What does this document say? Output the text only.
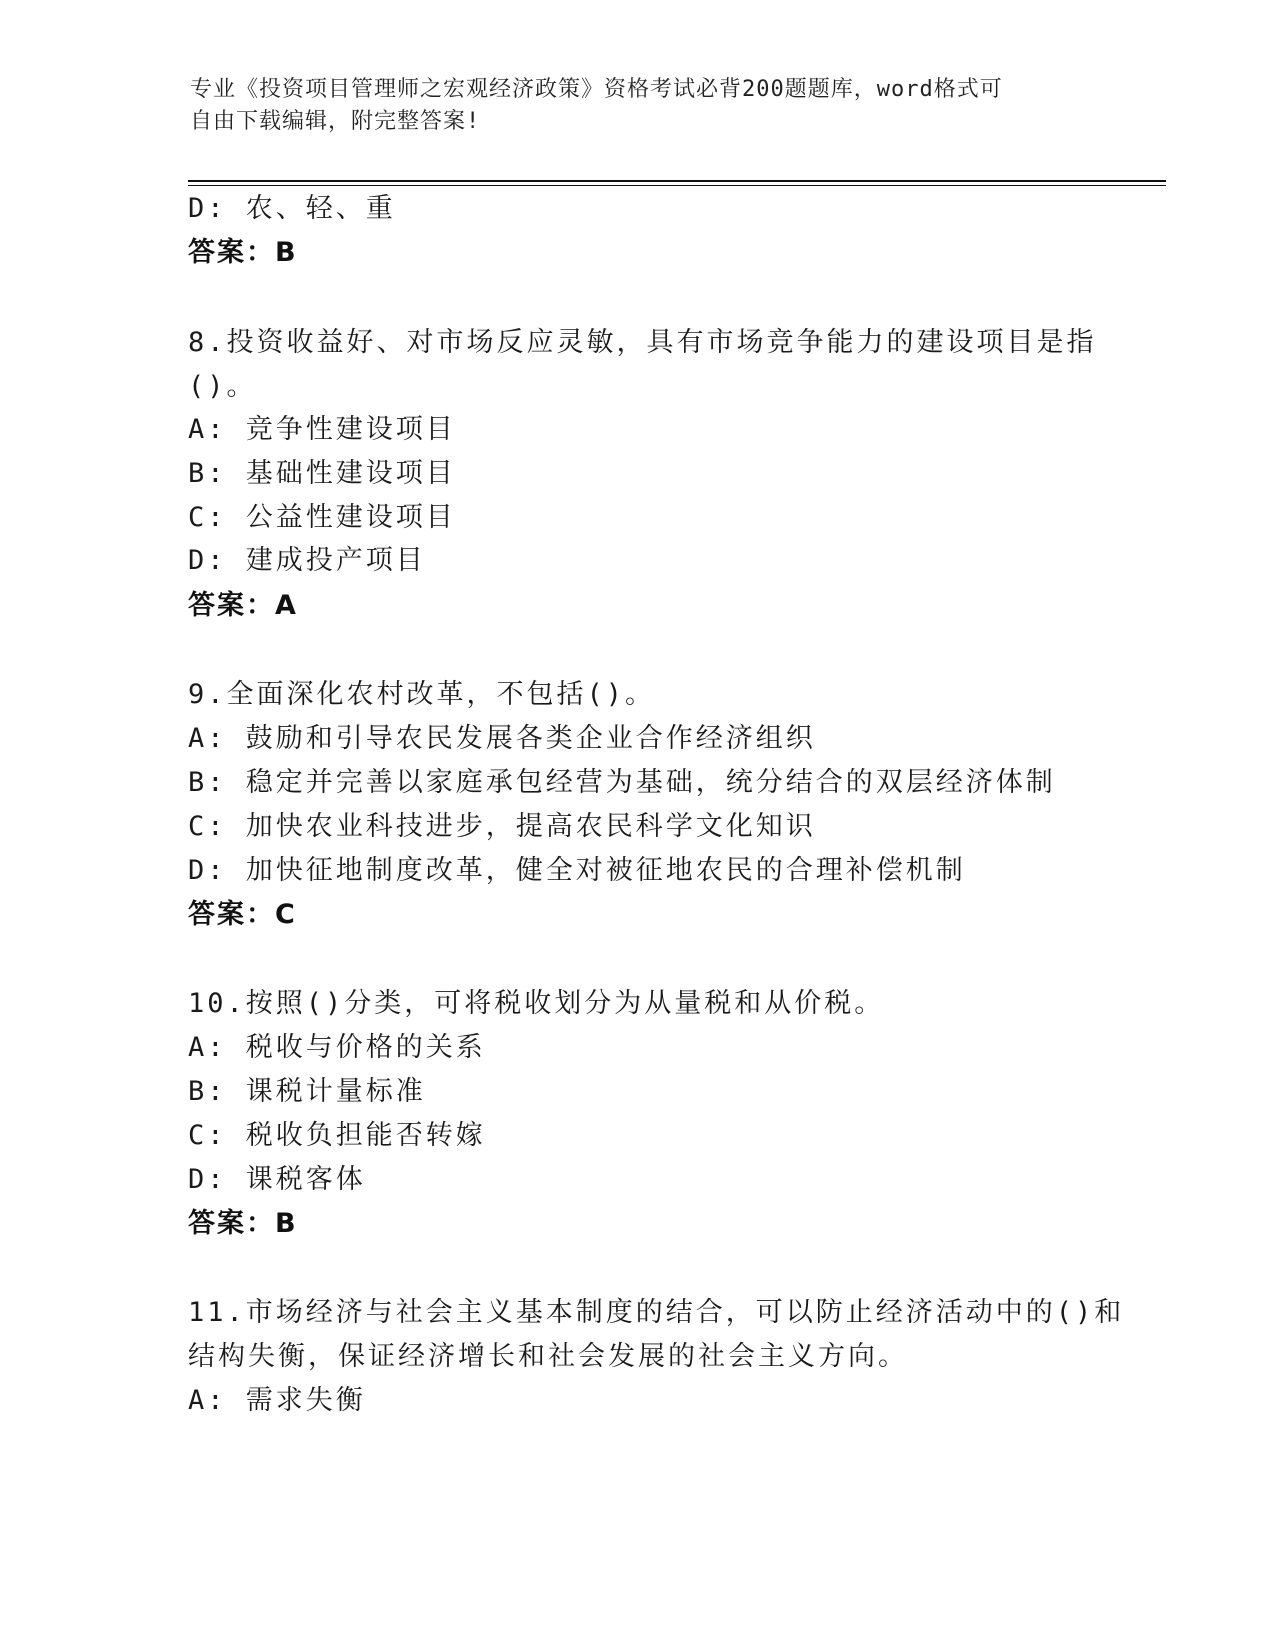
专业《投资项目管理师之宏观经济政策》资格考试必背200题题库，word格式可
自由下载编辑，附完整答案!
D: 农、轻、重
答案：B
8.投资收益好、对市场反应灵敏，具有市场竞争能力的建设项目是指
()。
A: 竞争性建设项目
B: 基础性建设项目
C: 公益性建设项目
D: 建成投产项目
答案：A
9.全面深化农村改革，不包括()。
A: 鼓励和引导农民发展各类企业合作经济组织
B: 稳定并完善以家庭承包经营为基础，统分结合的双层经济体制
C: 加快农业科技进步，提高农民科学文化知识
D: 加快征地制度改革，健全对被征地农民的合理补偿机制
答案：C
10.按照()分类，可将税收划分为从量税和从价税。
A: 税收与价格的关系
B: 课税计量标准
C: 税收负担能否转嫁
D: 课税客体
答案：B
11.市场经济与社会主义基本制度的结合，可以防止经济活动中的()和
结构失衡，保证经济增长和社会发展的社会主义方向。
A: 需求失衡
